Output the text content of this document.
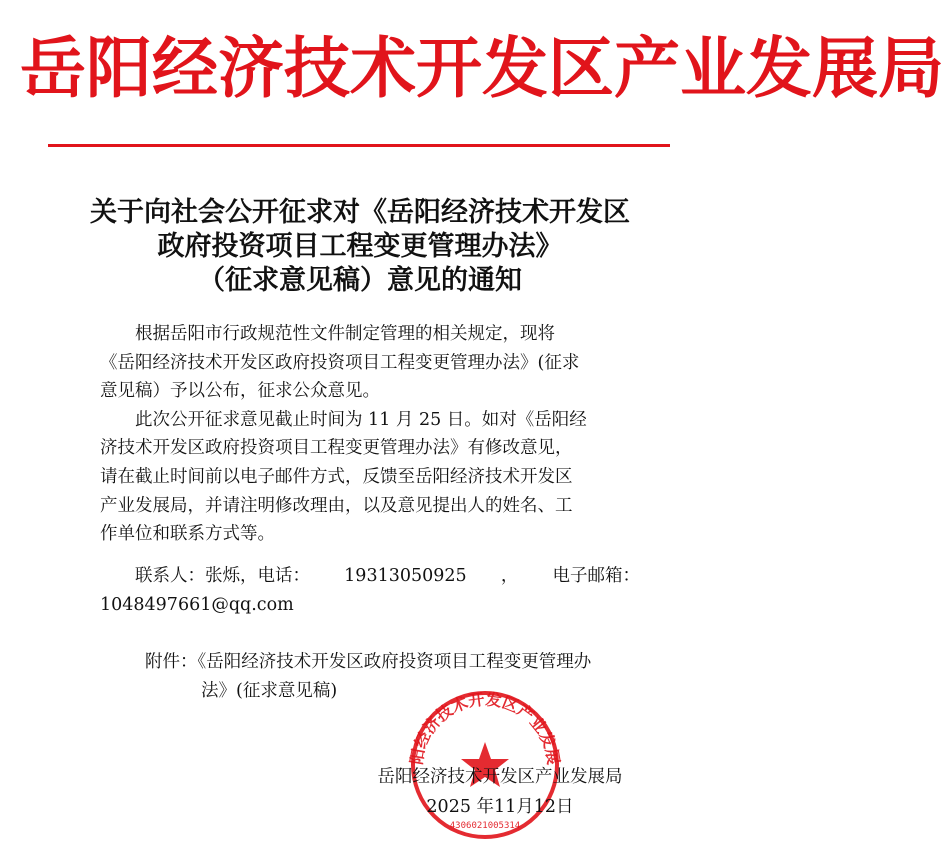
岳阳经济技术开发区产业发展局
关于向社会公开征求对《岳阳经济技术开发区
政府投资项目工程变更管理办法》
（征求意见稿）意见的通知
根据岳阳市行政规范性文件制定管理的相关规定，现将
《岳阳经济技术开发区政府投资项目工程变更管理办法》(征求
意见稿）予以公布，征求公众意见。
此次公开征求意见截止时间为 11 月 25 日。如对《岳阳经
济技术开发区政府投资项目工程变更管理办法》有修改意见，
请在截止时间前以电子邮件方式，反馈至岳阳经济技术开发区
产业发展局，并请注明修改理由，以及意见提出人的姓名、工
作单位和联系方式等。
联系人：张烁，电话： 19313050925 ， 电子邮箱：
1048497661@qq.com
附件：《岳阳经济技术开发区政府投资项目工程变更管理办
法》(征求意见稿)
阳经济技术开发区产业发展
4306021005314
岳阳经济技术开发区产业发展局
2025 年11月12日
